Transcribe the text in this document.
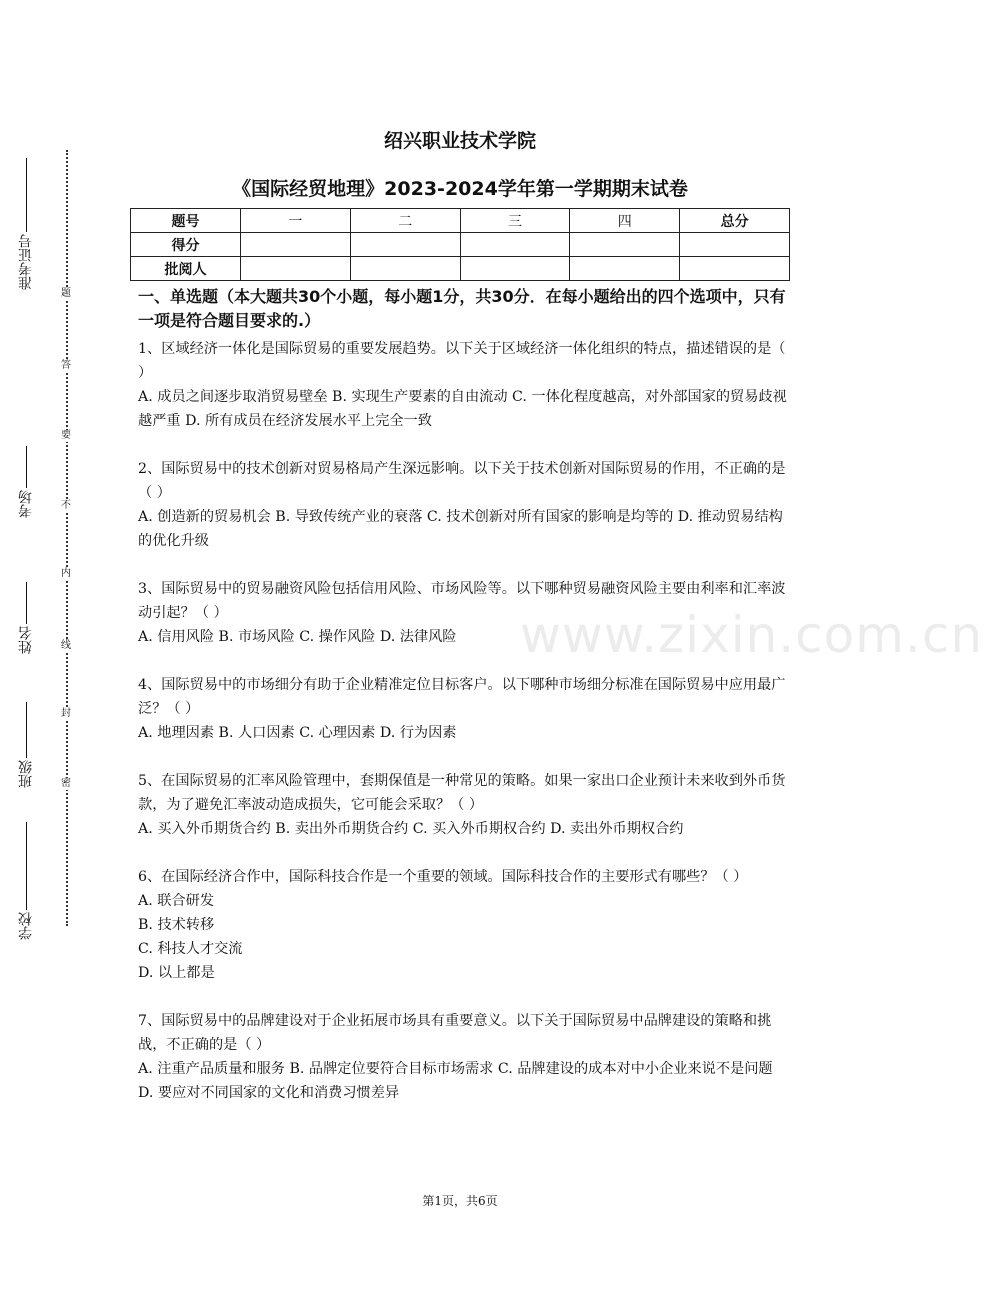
准考证号
考场
姓名
班级
学校
题
答
要
不
内
线
封
密
绍兴职业技术学院
《国际经贸地理》2023-2024学年第一学期期末试卷
题号	一	二	三	四	总分
得分					
批阅人					
一、单选题（本大题共30个小题，每小题1分，共30分．在每小题给出的四个选项中，只有一项是符合题目要求的.）

1、区域经济一体化是国际贸易的重要发展趋势。以下关于区域经济一体化组织的特点，描述错误的是（ ）

A. 成员之间逐步取消贸易壁垒 B. 实现生产要素的自由流动 C. 一体化程度越高，对外部国家的贸易歧视越严重 D. 所有成员在经济发展水平上完全一致

2、国际贸易中的技术创新对贸易格局产生深远影响。以下关于技术创新对国际贸易的作用，不正确的是（ ）

A. 创造新的贸易机会 B. 导致传统产业的衰落 C. 技术创新对所有国家的影响是均等的 D. 推动贸易结构的优化升级

3、国际贸易中的贸易融资风险包括信用风险、市场风险等。以下哪种贸易融资风险主要由利率和汇率波动引起？（ ）

A. 信用风险 B. 市场风险 C. 操作风险 D. 法律风险

4、国际贸易中的市场细分有助于企业精准定位目标客户。以下哪种市场细分标准在国际贸易中应用最广泛？（ ）

A. 地理因素 B. 人口因素 C. 心理因素 D. 行为因素

5、在国际贸易的汇率风险管理中，套期保值是一种常见的策略。如果一家出口企业预计未来收到外币货款，为了避免汇率波动造成损失，它可能会采取？（ ）

A. 买入外币期货合约 B. 卖出外币期货合约 C. 买入外币期权合约 D. 卖出外币期权合约

6、在国际经济合作中，国际科技合作是一个重要的领域。国际科技合作的主要形式有哪些？（ ）

A. 联合研发

B. 技术转移

C. 科技人才交流

D. 以上都是

7、国际贸易中的品牌建设对于企业拓展市场具有重要意义。以下关于国际贸易中品牌建设的策略和挑战，不正确的是（ ）

A. 注重产品质量和服务 B. 品牌定位要符合目标市场需求 C. 品牌建设的成本对中小企业来说不是问题 D. 要应对不同国家的文化和消费习惯差异

www.zixin.com.cn
第1页，共6页
